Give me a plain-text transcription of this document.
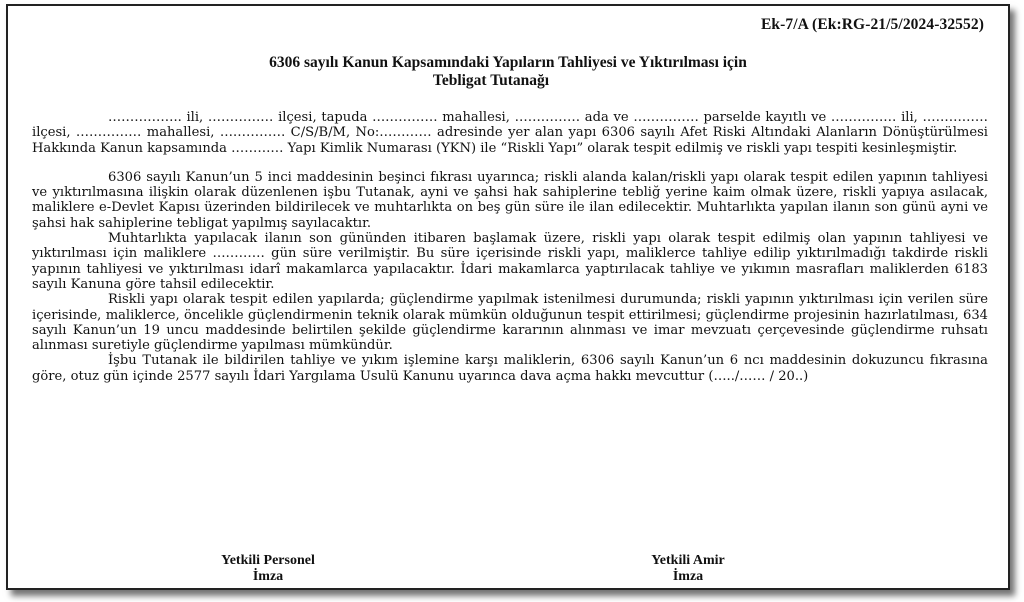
Ek-7/A (Ek:RG-21/5/2024-32552)
6306 sayılı Kanun Kapsamındaki Yapıların Tahliyesi ve Yıktırılması için
Tebligat Tutanağı

…………….. ili, …………… ilçesi, tapuda …………… mahallesi, …………… ada ve …………… parselde kayıtlı ve …………… ili, …………… ilçesi, …………… mahallesi, …………… C/S/B/M, No:………… adresinde yer alan yapı 6306 sayılı Afet Riski Altındaki Alanların Dönüştürülmesi Hakkında Kanun kapsamında ………… Yapı Kimlik Numarası (YKN) ile “Riskli Yapı” olarak tespit edilmiş ve riskli yapı tespiti kesinleşmiştir.

6306 sayılı Kanun’un 5 inci maddesinin beşinci fıkrası uyarınca; riskli alanda kalan/riskli yapı olarak tespit edilen yapının tahliyesi ve yıktırılmasına ilişkin olarak düzenlenen işbu Tutanak, ayni ve şahsi hak sahiplerine tebliğ yerine kaim olmak üzere, riskli yapıya asılacak, maliklere e-Devlet Kapısı üzerinden bildirilecek ve muhtarlıkta on beş gün süre ile ilan edilecektir. Muhtarlıkta yapılan ilanın son günü ayni ve şahsi hak sahiplerine tebligat yapılmış sayılacaktır.

Muhtarlıkta yapılacak ilanın son gününden itibaren başlamak üzere, riskli yapı olarak tespit edilmiş olan yapının tahliyesi ve yıktırılması için maliklere ………… gün süre verilmiştir. Bu süre içerisinde riskli yapı, maliklerce tahliye edilip yıktırılmadığı takdirde riskli yapının tahliyesi ve yıktırılması idarî makamlarca yapılacaktır. İdari makamlarca yaptırılacak tahliye ve yıkımın masrafları maliklerden 6183 sayılı Kanuna göre tahsil edilecektir.

Riskli yapı olarak tespit edilen yapılarda; güçlendirme yapılmak istenilmesi durumunda; riskli yapının yıktırılması için verilen süre içerisinde, maliklerce, öncelikle güçlendirmenin teknik olarak mümkün olduğunun tespit ettirilmesi; güçlendirme projesinin hazırlatılması, 634 sayılı Kanun’un 19 uncu maddesinde belirtilen şekilde güçlendirme kararının alınması ve imar mevzuatı çerçevesinde güçlendirme ruhsatı alınması suretiyle güçlendirme yapılması mümkündür.

İşbu Tutanak ile bildirilen tahliye ve yıkım işlemine karşı maliklerin, 6306 sayılı Kanun’un 6 ncı maddesinin dokuzuncu fıkrasına göre, otuz gün içinde 2577 sayılı İdari Yargılama Usulü Kanunu uyarınca dava açma hakkı mevcuttur (…../…… / 20..)

Yetkili Personel
İmza
Yetkili Amir
İmza
